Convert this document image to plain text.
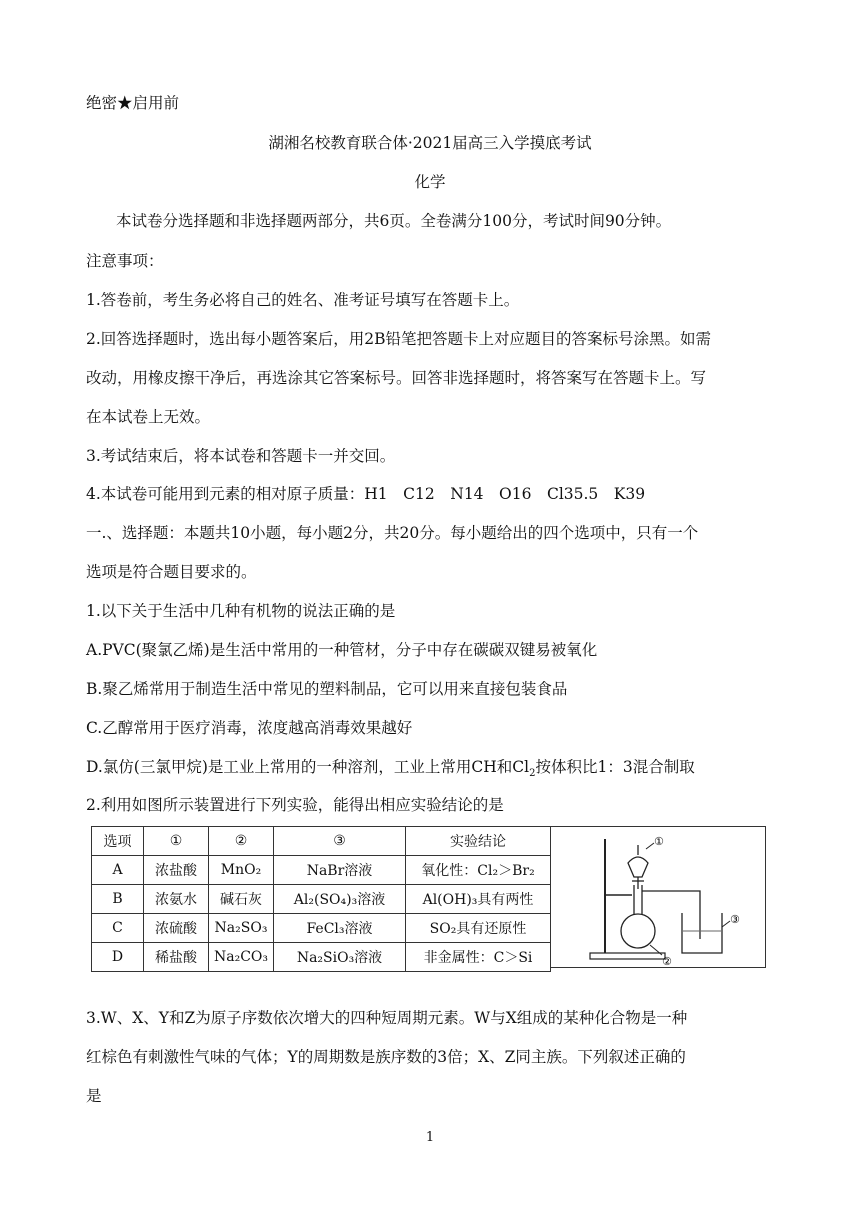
绝密★启用前
湖湘名校教育联合体·2021届高三入学摸底考试
化学
本试卷分选择题和非选择题两部分，共6页。全卷满分100分，考试时间90分钟。
注意事项：
1.答卷前，考生务必将自己的姓名、准考证号填写在答题卡上。
2.回答选择题时，选出每小题答案后，用2B铅笔把答题卡上对应题目的答案标号涂黑。如需
改动，用橡皮擦干净后，再选涂其它答案标号。回答非选择题时，将答案写在答题卡上。写
在本试卷上无效。
3.考试结束后，将本试卷和答题卡一并交回。
4.本试卷可能用到元素的相对原子质量：H1　C12　N14　O16　Cl35.5　K39
一.、选择题：本题共10小题，每小题2分，共20分。每小题给出的四个选项中，只有一个
选项是符合题目要求的。
1.以下关于生活中几种有机物的说法正确的是
A.PVC(聚氯乙烯)是生活中常用的一种管材，分子中存在碳碳双键易被氧化
B.聚乙烯常用于制造生活中常见的塑料制品，它可以用来直接包装食品
C.乙醇常用于医疗消毒，浓度越高消毒效果越好
D.氯仿(三氯甲烷)是工业上常用的一种溶剂，工业上常用CH和$Cl_2$按体积比1：3混合制取
2.利用如图所示装置进行下列实验，能得出相应实验结论的是
选项	①	②	③	实验结论
A	浓盐酸	MnO₂	NaBr溶液	氧化性：Cl₂＞Br₂
B	浓氨水	碱石灰	Al₂(SO₄)₃溶液	Al(OH)₃具有两性
C	浓硫酸	Na₂SO₃	FeCl₃溶液	SO₂具有还原性
D	稀盐酸	Na₂CO₃	Na₂SiO₃溶液	非金属性：C＞Si
①
②
③
3.W、X、Y和Z为原子序数依次增大的四种短周期元素。W与X组成的某种化合物是一种
红棕色有刺激性气味的气体；Y的周期数是族序数的3倍；X、Z同主族。下列叙述正确的
是
1
